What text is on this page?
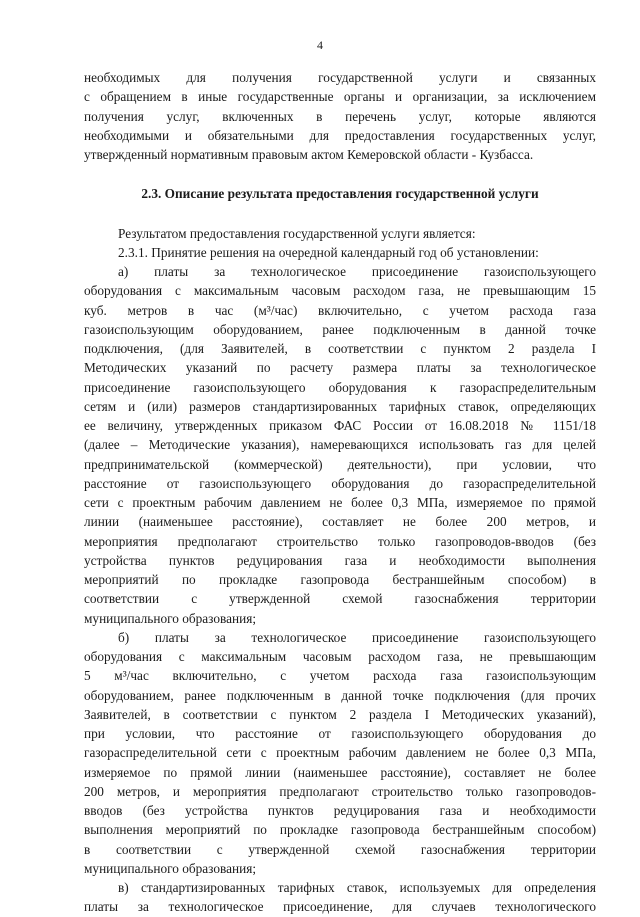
4
необходимых для получения государственной услуги и связанных
с обращением в иные государственные органы и организации, за исключением
получения услуг, включенных в перечень услуг, которые являются
необходимыми и обязательными для предоставления государственных услуг,
утвержденный нормативным правовым актом Кемеровской области - Кузбасса.

2.3. Описание результата предоставления государственной услуги

Результатом предоставления государственной услуги является:
2.3.1. Принятие решения на очередной календарный год об установлении:
а) платы за технологическое присоединение газоиспользующего
оборудования с максимальным часовым расходом газа, не превышающим 15
куб. метров в час (м³/час) включительно, с учетом расхода газа
газоиспользующим оборудованием, ранее подключенным в данной точке
подключения, (для Заявителей, в соответствии с пунктом 2 раздела I
Методических указаний по расчету размера платы за технологическое
присоединение газоиспользующего оборудования к газораспределительным
сетям и (или) размеров стандартизированных тарифных ставок, определяющих
ее величину, утвержденных приказом ФАС России от 16.08.2018 № 1151/18
(далее – Методические указания), намеревающихся использовать газ для целей
предпринимательской (коммерческой) деятельности), при условии, что
расстояние от газоиспользующего оборудования до газораспределительной
сети с проектным рабочим давлением не более 0,3 МПа, измеряемое по прямой
линии (наименьшее расстояние), составляет не более 200 метров, и
мероприятия предполагают строительство только газопроводов-вводов (без
устройства пунктов редуцирования газа и необходимости выполнения
мероприятий по прокладке газопровода бестраншейным способом) в
соответствии с утвержденной схемой газоснабжения территории
муниципального образования;
б) платы за технологическое присоединение газоиспользующего
оборудования с максимальным часовым расходом газа, не превышающим
5 м³/час включительно, с учетом расхода газа газоиспользующим
оборудованием, ранее подключенным в данной точке подключения (для прочих
Заявителей, в соответствии с пунктом 2 раздела I Методических указаний),
при условии, что расстояние от газоиспользующего оборудования до
газораспределительной сети с проектным рабочим давлением не более 0,3 МПа,
измеряемое по прямой линии (наименьшее расстояние), составляет не более
200 метров, и мероприятия предполагают строительство только газопроводов-
вводов (без устройства пунктов редуцирования газа и необходимости
выполнения мероприятий по прокладке газопровода бестраншейным способом)
в соответствии с утвержденной схемой газоснабжения территории
муниципального образования;
в) стандартизированных тарифных ставок, используемых для определения
платы за технологическое присоединение, для случаев технологического
